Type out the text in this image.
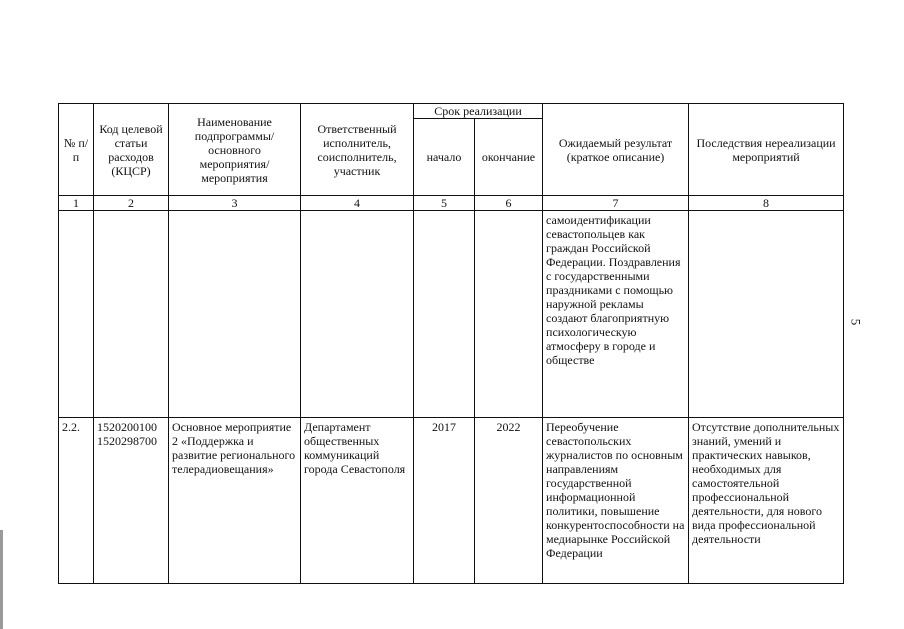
5
№ п/п	Код целевой статьи расходов (КЦСР)	Наименование подпрограммы/ основного мероприятия/ мероприятия	Ответственный исполнитель, соисполнитель, участник	Срок реализации		Ожидаемый результат (краткое описание)	Последствия нереализации мероприятий
				начало	окончание		
1	2	3	4	5	6	7	8
						самоидентификации севастопольцев как граждан Российской Федерации. Поздравления с государственными праздниками с помощью наружной рекламы создают благоприятную психологическую атмосферу в городе и обществе	
2.2.	1520200100 1520298700	Основное мероприятие 2 «Поддержка и развитие регионального телерадиовещания»	Департамент общественных коммуникаций города Севастополя	2017	2022	Переобучение севастопольских журналистов по основным направлениям государственной информационной политики, повышение конкурентоспособности на медиарынке Российской Федерации	Отсутствие дополнительных знаний, умений и практических навыков, необходимых для самостоятельной профессиональной деятельности, для нового вида профессиональной деятельности
